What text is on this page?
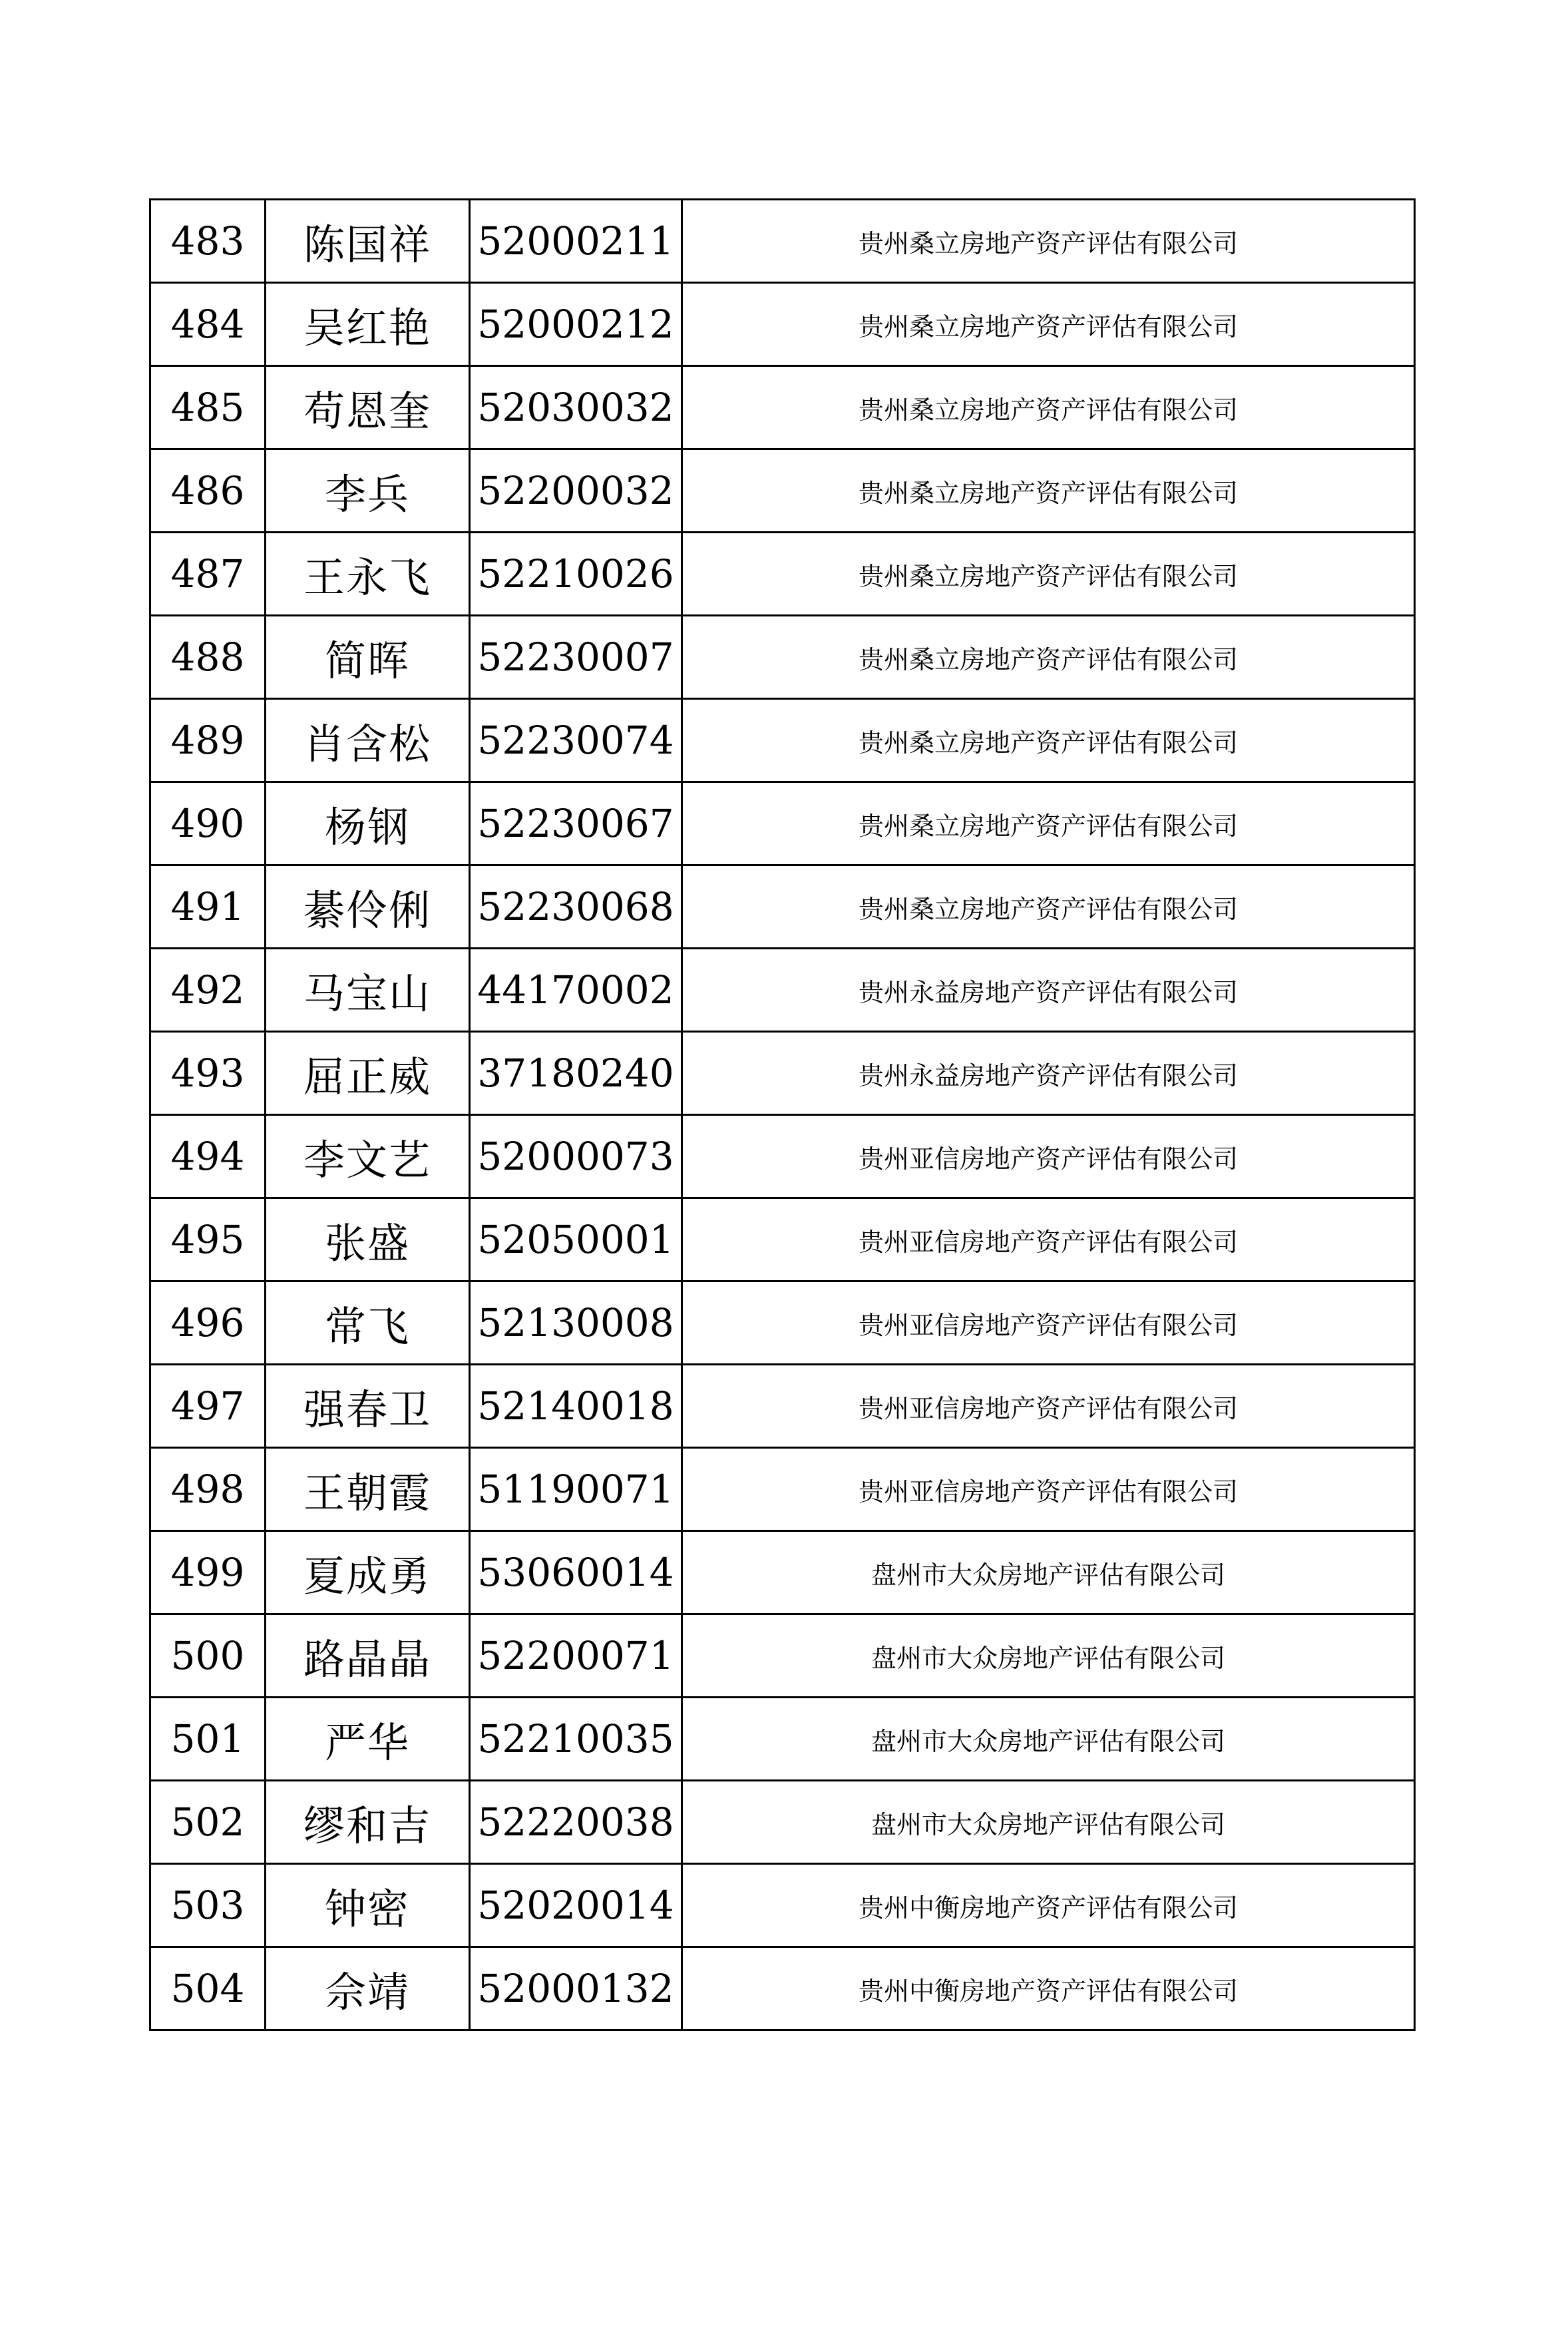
483	陈国祥	52000211	贵州桑立房地产资产评估有限公司
484	吴红艳	52000212	贵州桑立房地产资产评估有限公司
485	苟恩奎	52030032	贵州桑立房地产资产评估有限公司
486	李兵	52200032	贵州桑立房地产资产评估有限公司
487	王永飞	52210026	贵州桑立房地产资产评估有限公司
488	简晖	52230007	贵州桑立房地产资产评估有限公司
489	肖含松	52230074	贵州桑立房地产资产评估有限公司
490	杨钢	52230067	贵州桑立房地产资产评估有限公司
491	綦伶俐	52230068	贵州桑立房地产资产评估有限公司
492	马宝山	44170002	贵州永益房地产资产评估有限公司
493	屈正威	37180240	贵州永益房地产资产评估有限公司
494	李文艺	52000073	贵州亚信房地产资产评估有限公司
495	张盛	52050001	贵州亚信房地产资产评估有限公司
496	常飞	52130008	贵州亚信房地产资产评估有限公司
497	强春卫	52140018	贵州亚信房地产资产评估有限公司
498	王朝霞	51190071	贵州亚信房地产资产评估有限公司
499	夏成勇	53060014	盘州市大众房地产评估有限公司
500	路晶晶	52200071	盘州市大众房地产评估有限公司
501	严华	52210035	盘州市大众房地产评估有限公司
502	缪和吉	52220038	盘州市大众房地产评估有限公司
503	钟密	52020014	贵州中衡房地产资产评估有限公司
504	佘靖	52000132	贵州中衡房地产资产评估有限公司
